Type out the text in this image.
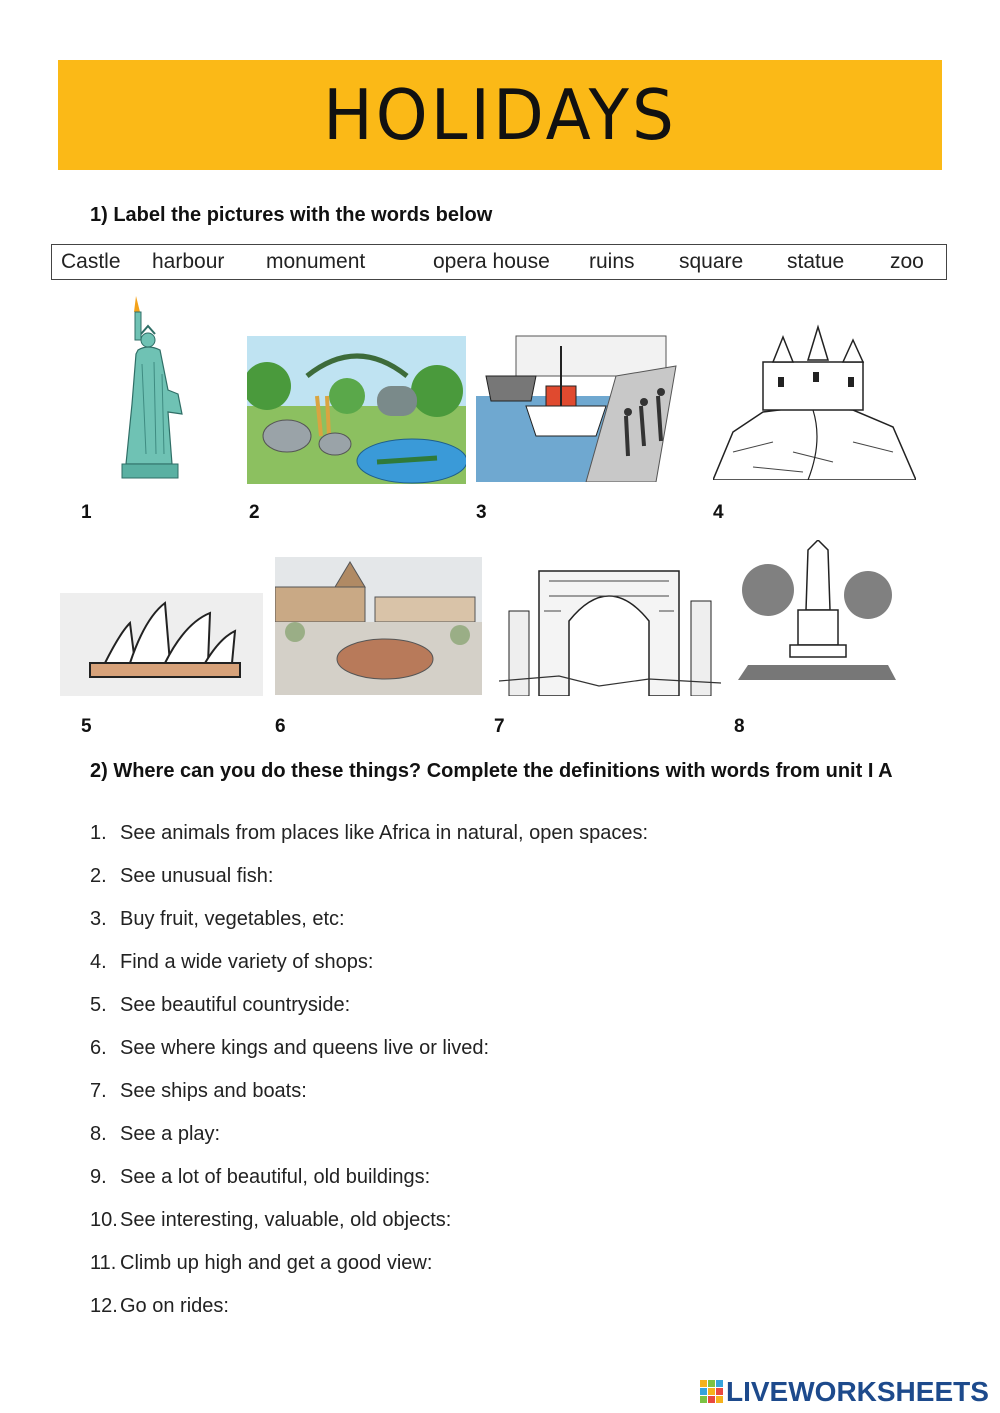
HOLIDAYS
1) Label the pictures with the words below
Castle harbour monument	opera house ruins square statue zoo
1	2	3	4
5	6	7	8
2) Where can you do these things? Complete the definitions with words from unit I A
1. See animals from places like Africa in natural, open spaces:
2. See unusual fish:
3. Buy fruit, vegetables, etc:
4. Find a wide variety of shops:
5. See beautiful countryside:
6. See where kings and queens live or lived:
7. See ships and boats:
8. See a play:
9. See a lot of beautiful, old buildings:
10. See interesting, valuable, old objects:
11. Climb up high and get a good view:
12. Go on rides:
LIVEWORKSHEETS
